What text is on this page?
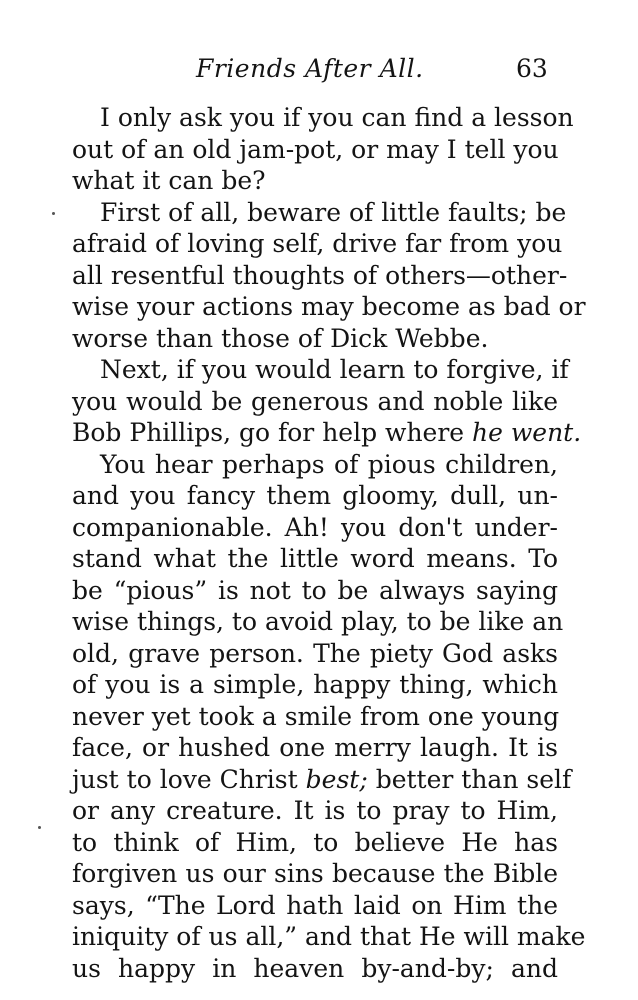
Friends After All.	63
I only ask you if you can find a lesson
out of an old jam-pot, or may I tell you
what it can be?
First of all, beware of little faults; be
afraid of loving self, drive far from you
all resentful thoughts of others—other-
wise your actions may become as bad or
worse than those of Dick Webbe.
Next, if you would learn to forgive, if
you would be generous and noble like
Bob Phillips, go for help where he went.
You hear perhaps of pious children,
and you fancy them gloomy, dull, un-
companionable. Ah! you don't under-
stand what the little word means. To
be “pious” is not to be always saying
wise things, to avoid play, to be like an
old, grave person. The piety God asks
of you is a simple, happy thing, which
never yet took a smile from one young
face, or hushed one merry laugh. It is
just to love Christ best; better than self
or any creature. It is to pray to Him,
to think of Him, to believe He has
forgiven us our sins because the Bible
says, “The Lord hath laid on Him the
iniquity of us all,” and that He will make
us happy in heaven by-and-by; and
